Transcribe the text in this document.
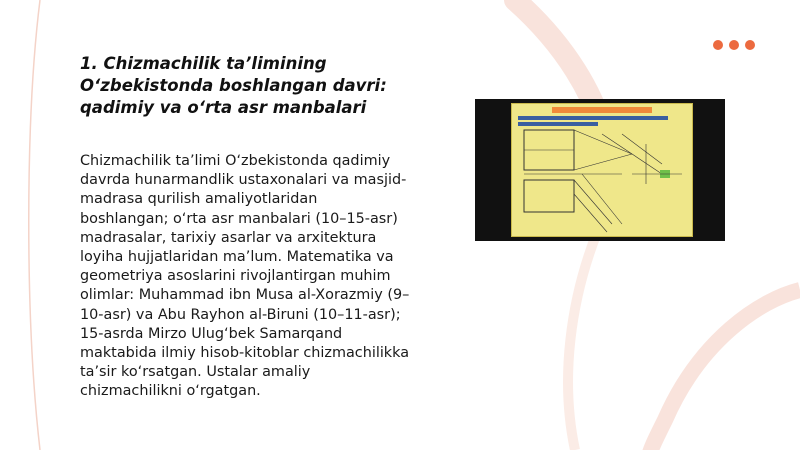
1. Chizmachilik ta’limining O‘zbekistonda boshlangan davri: qadimiy va o‘rta asr manbalari
Chizmachilik ta’limi O‘zbekistonda qadimiy davrda hunarmandlik ustaxonalari va masjid-madrasa qurilish amaliyotlaridan boshlangan; o‘rta asr manbalari (10–15-asr) madrasalar, tarixiy asarlar va arxitektura loyiha hujjatlaridan ma’lum. Matematika va geometriya asoslarini rivojlantirgan muhim olimlar: Muhammad ibn Musa al-Xorazmiy (9–10-asr) va Abu Rayhon al-Biruni (10–11-asr); 15-asrda Mirzo Ulug‘bek Samarqand maktabida ilmiy hisob-kitoblar chizmachilikka ta’sir ko‘rsatgan. Ustalar amaliy chizmachilikni o‘rgatgan.
